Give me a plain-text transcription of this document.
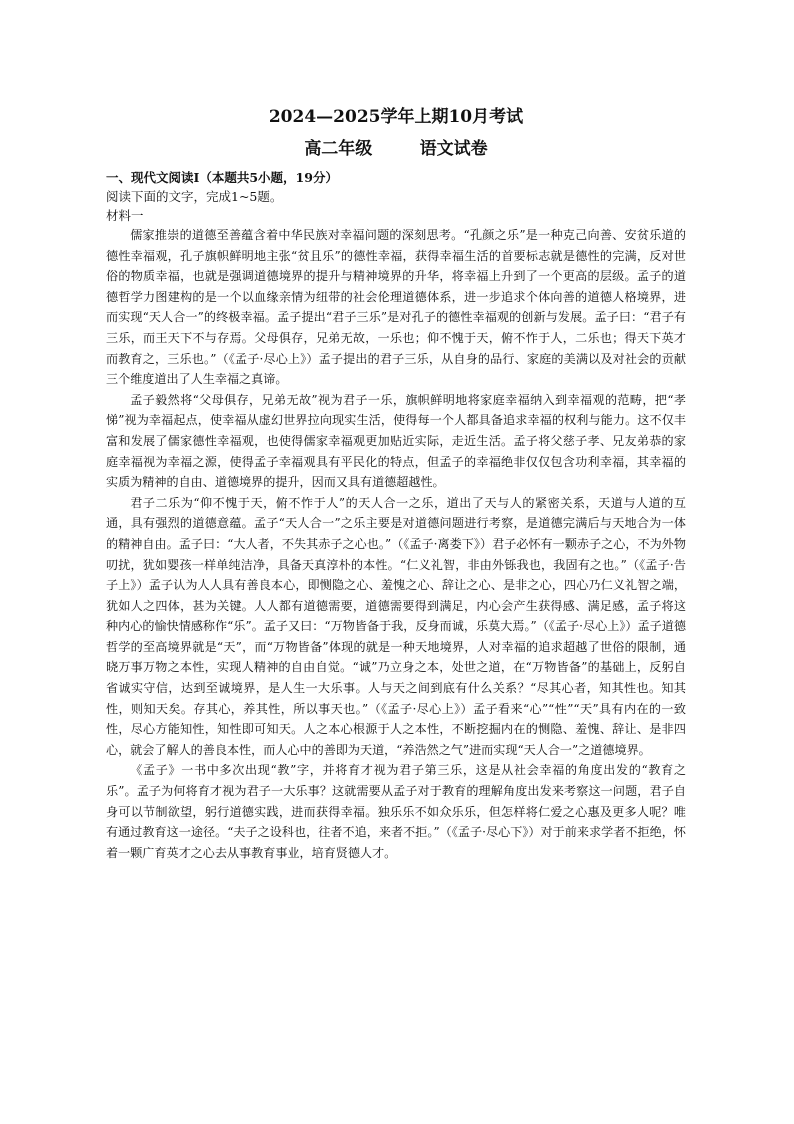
2024—2025学年上期10月考试
高二年级        语文试卷

一、现代文阅读Ⅰ（本题共5小题，19分）

阅读下面的文字，完成1~5题。

材料一

儒家推崇的道德至善蕴含着中华民族对幸福问题的深刻思考。“孔颜之乐”是一种克己向善、安贫乐道的德性幸福观，孔子旗帜鲜明地主张“贫且乐”的德性幸福，获得幸福生活的首要标志就是德性的完满，反对世俗的物质幸福，也就是强调道德境界的提升与精神境界的升华，将幸福上升到了一个更高的层级。孟子的道德哲学力图建构的是一个以血缘亲情为纽带的社会伦理道德体系，进一步追求个体向善的道德人格境界，进而实现“天人合一”的终极幸福。孟子提出“君子三乐”是对孔子的德性幸福观的创新与发展。孟子曰：“君子有三乐，而王天下不与存焉。父母俱存，兄弟无故，一乐也；仰不愧于天，俯不怍于人，二乐也；得天下英才而教育之，三乐也。”（《孟子·尽心上》）孟子提出的君子三乐，从自身的品行、家庭的美满以及对社会的贡献三个维度道出了人生幸福之真谛。

孟子毅然将“父母俱存，兄弟无故”视为君子一乐，旗帜鲜明地将家庭幸福纳入到幸福观的范畴，把“孝悌”视为幸福起点，使幸福从虚幻世界拉向现实生活，使得每一个人都具备追求幸福的权利与能力。这不仅丰富和发展了儒家德性幸福观，也使得儒家幸福观更加贴近实际，走近生活。孟子将父慈子孝、兄友弟恭的家庭幸福视为幸福之源，使得孟子幸福观具有平民化的特点，但孟子的幸福绝非仅仅包含功利幸福，其幸福的实质为精神的自由、道德境界的提升，因而又具有道德超越性。

君子二乐为“仰不愧于天，俯不怍于人”的天人合一之乐，道出了天与人的紧密关系，天道与人道的互通，具有强烈的道德意蕴。孟子“天人合一”之乐主要是对道德问题进行考察，是道德完满后与天地合为一体的精神自由。孟子曰：“大人者，不失其赤子之心也。”（《孟子·离娄下》）君子必怀有一颗赤子之心，不为外物叨扰，犹如婴孩一样单纯洁净，具备天真淳朴的本性。“仁义礼智，非由外铄我也，我固有之也。”（《孟子·告子上》）孟子认为人人具有善良本心，即恻隐之心、羞愧之心、辞让之心、是非之心，四心乃仁义礼智之端，犹如人之四体，甚为关键。人人都有道德需要，道德需要得到满足，内心会产生获得感、满足感，孟子将这种内心的愉快情感称作“乐”。孟子又曰：“万物皆备于我，反身而诚，乐莫大焉。”（《孟子·尽心上》）孟子道德哲学的至高境界就是“天”，而“万物皆备”体现的就是一种天地境界，人对幸福的追求超越了世俗的限制，通晓万事万物之本性，实现人精神的自由自觉。“诚”乃立身之本，处世之道，在“万物皆备”的基础上，反躬自省诚实守信，达到至诚境界，是人生一大乐事。人与天之间到底有什么关系？“尽其心者，知其性也。知其性，则知天矣。存其心，养其性，所以事天也。”（《孟子·尽心上》）孟子看来“心”“性”“天”具有内在的一致性，尽心方能知性，知性即可知天。人之本心根源于人之本性，不断挖掘内在的恻隐、羞愧、辞让、是非四心，就会了解人的善良本性，而人心中的善即为天道，“养浩然之气”进而实现“天人合一”之道德境界。

《孟子》一书中多次出现“教”字，并将育才视为君子第三乐，这是从社会幸福的角度出发的“教育之乐”。孟子为何将育才视为君子一大乐事？这就需要从孟子对于教育的理解角度出发来考察这一问题，君子自身可以节制欲望，躬行道德实践，进而获得幸福。独乐乐不如众乐乐，但怎样将仁爱之心惠及更多人呢？唯有通过教育这一途径。“夫子之设科也，往者不追，来者不拒。”（《孟子·尽心下》）对于前来求学者不拒绝，怀着一颗广育英才之心去从事教育事业，培育贤德人才。
